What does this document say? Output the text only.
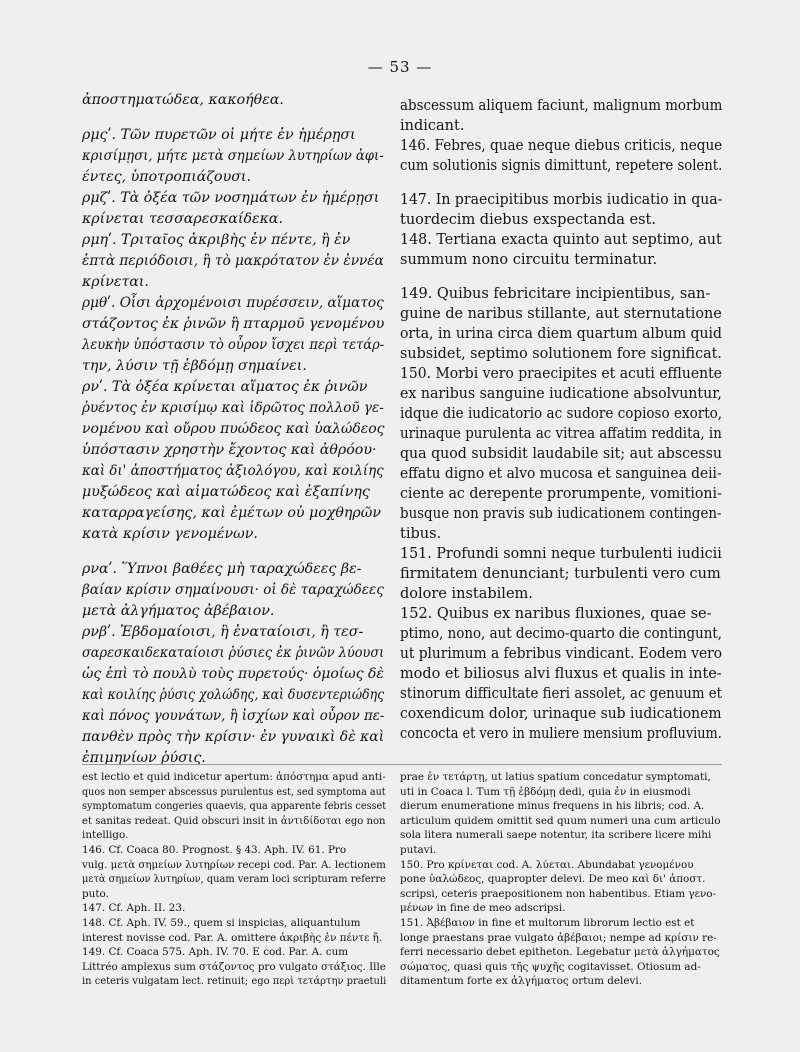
— 53 —

ἀποστηματώδεα, κακοήθεα.

ρμςʹ. Τῶν πυρετῶν οἱ μήτε ἐν ἡμέρῃσι

κρισίμῃσι, μήτε μετὰ σημείων λυτηρίων ἀφι-

έντες, ὑποτροπιάζουσι.

ρμζʹ. Τὰ ὀξέα τῶν νοσημάτων ἐν ἡμέρῃσι

κρίνεται τεσσαρεσκαίδεκα.

ρμηʹ. Τριταῖος ἀκριβὴς ἐν πέντε, ἢ ἐν

ἑπτὰ περιόδοισι, ἢ τὸ μακρότατον ἐν ἐννέα

κρίνεται.

ρμθʹ. Οἷσι ἀρχομένοισι πυρέσσειν, αἵματος

στάζοντος ἐκ ῥινῶν ἢ πταρμοῦ γενομένου

λευκὴν ὑπόστασιν τὸ οὖρον ἴσχει περὶ τετάρ-

την, λύσιν τῇ ἑβδόμῃ σημαίνει.

ρνʹ. Τὰ ὀξέα κρίνεται αἵματος ἐκ ῥινῶν

ῥυέντος ἐν κρισίμῳ καὶ ἱδρῶτος πολλοῦ γε-

νομένου καὶ οὔρου πυώδεος καὶ ὑαλώδεος

ὑπόστασιν χρηστὴν ἔχοντος καὶ ἀθρόου·

καὶ δι' ἀποστήματος ἀξιολόγου, καὶ κοιλίης

μυξώδεος καὶ αἱματώδεος καὶ ἐξαπίνης

καταρραγείσης, καὶ ἐμέτων οὐ μοχθηρῶν

κατὰ κρίσιν γενομένων.

ρναʹ. Ὕπνοι βαθέες μὴ ταραχώδεες βε-

βαίαν κρίσιν σημαίνουσι· οἱ δὲ ταραχώδεες

μετὰ ἀλγήματος ἀβέβαιον.

ρνβʹ. Ἑβδομαίοισι, ἢ ἐναταίοισι, ἢ τεσ-

σαρεσκαιδεκαταίοισι ῥύσιες ἐκ ῥινῶν λύουσι

ὡς ἐπὶ τὸ πουλὺ τοὺς πυρετούς· ὁμοίως δὲ

καὶ κοιλίης ῥύσις χολώδης, καὶ δυσεντεριώδης

καὶ πόνος γουνάτων, ἢ ἰσχίων καὶ οὖρον πε-

πανθὲν πρὸς τὴν κρίσιν· ἐν γυναικὶ δὲ καὶ

ἐπιμηνίων ῥύσις.

abscessum aliquem faciunt, malignum morbum

indicant.

146. Febres, quae neque diebus criticis, neque

cum solutionis signis dimittunt, repetere solent.

147. In praecipitibus morbis iudicatio in qua-

tuordecim diebus exspectanda est.

148. Tertiana exacta quinto aut septimo, aut

summum nono circuitu terminatur.

149. Quibus febricitare incipientibus, san-

guine de naribus stillante, aut sternutatione

orta, in urina circa diem quartum album quid

subsidet, septimo solutionem fore significat.

150. Morbi vero praecipites et acuti effluente

ex naribus sanguine iudicatione absolvuntur,

idque die iudicatorio ac sudore copioso exorto,

urinaque purulenta ac vitrea affatim reddita, in

qua quod subsidit laudabile sit; aut abscessu

effatu digno et alvo mucosa et sanguinea deii-

ciente ac derepente prorumpente, vomitioni-

busque non pravis sub iudicationem contingen-

tibus.

151. Profundi somni neque turbulenti iudicii

firmitatem denunciant; turbulenti vero cum

dolore instabilem.

152. Quibus ex naribus fluxiones, quae se-

ptimo, nono, aut decimo-quarto die contingunt,

ut plurimum a febribus vindicant. Eodem vero

modo et biliosus alvi fluxus et qualis in inte-

stinorum difficultate fieri assolet, ac genuum et

coxendicum dolor, urinaque sub iudicationem

concocta et vero in muliere mensium profluvium.

est lectio et quid indicetur apertum: ἀπόστημα apud anti-

quos non semper abscessus purulentus est, sed symptoma aut

symptomatum congeries quaevis, qua apparente febris cesset

et sanitas redeat. Quid obscuri insit in ἀντιδίδοται ego non

intelligo.

146. Cf. Coaca 80. Prognost. § 43. Aph. IV. 61. Pro

vulg. μετὰ σημείων λυτηρίων recepi cod. Par. A. lectionem

μετὰ σημείων λυτηρίων, quam veram loci scripturam referre

puto.

147. Cf. Aph. II. 23.

148. Cf. Aph. IV. 59., quem si inspicias, aliquantulum

interest novisse cod. Par. A. omittere ἀκριβὴς ἐν πέντε ἤ.

149. Cf. Coaca 575. Aph. IV. 70. E cod. Par. A. cum

Littréo amplexus sum στάζοντος pro vulgato στάξιος. Ille

in ceteris vulgatam lect. retinuit; ego περὶ τετάρτην praetuli

prae ἐν τετάρτῃ, ut latius spatium concedatur symptomati,

uti in Coaca l. Tum τῇ ἑβδόμῃ dedi, quia ἐν in eiusmodi

dierum enumeratione minus frequens in his libris; cod. A.

articulum quidem omittit sed quum numeri una cum articulo

sola litera numerali saepe notentur, ita scribere licere mihi

putavi.

150. Pro κρίνεται cod. A. λύεται. Abundabat γενομένου

pone ὑαλώδεος, quapropter delevi. De meo καὶ δι' ἀποστ.

scripsi, ceteris praepositionem non habentibus. Etiam γενο-

μένων in fine de meo adscripsi.

151. Ἀβέβαιον in fine et multorum librorum lectio est et

longe praestans prae vulgato ἀβέβαιοι; nempe ad κρίσιν re-

ferri necessario debet epitheton. Legebatur μετὰ ἀλγήματος

σώματος, quasi quis τῆς ψυχῆς cogitavisset. Otiosum ad-

ditamentum forte ex ἀλγήματος ortum delevi.
